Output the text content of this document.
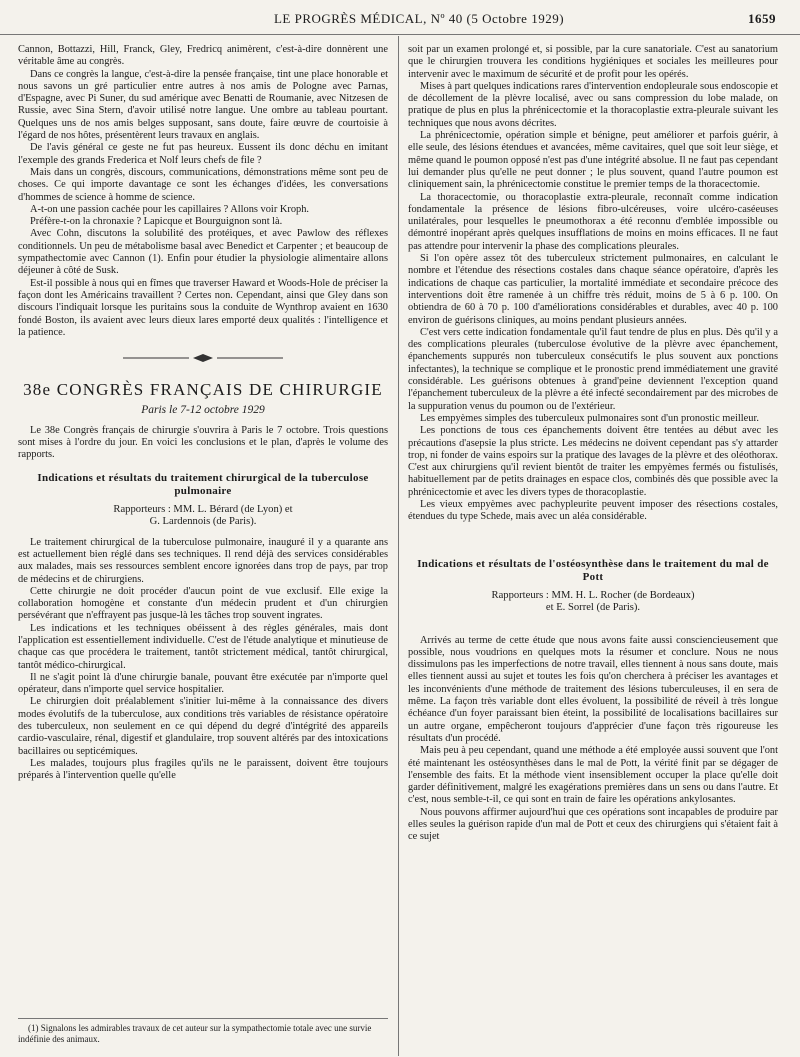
LE PROGRÈS MÉDICAL, Nº 40 (5 Octobre 1929)	1659

Cannon, Bottazzi, Hill, Franck, Gley, Fredricq animèrent, c'est-à-dire donnèrent une véritable âme au congrès.

Dans ce congrès la langue, c'est-à-dire la pensée française, tint une place honorable et nous savons un gré particulier entre autres à nos amis de Pologne avec Parnas, d'Espagne, avec Pi Suner, du sud amérique avec Benatti de Roumanie, avec Nitzesen de Russie, avec Sina Stern, d'avoir utilisé notre langue. Une ombre au tableau pourtant. Quelques uns de nos amis belges supposant, sans doute, faire œuvre de courtoisie à l'égard de nos hôtes, présentèrent leurs travaux en anglais.

De l'avis général ce geste ne fut pas heureux. Eussent ils donc déchu en imitant l'exemple des grands Frederica et Nolf leurs chefs de file ?

Mais dans un congrès, discours, communications, démonstrations même sont peu de choses. Ce qui importe davantage ce sont les échanges d'idées, les conversations d'hommes de science à homme de science.

A-t-on une passion cachée pour les capillaires ? Allons voir Kroph.

Préfère-t-on la chronaxie ? Lapicque et Bourguignon sont là.

Avec Cohn, discutons la solubilité des protéiques, et avec Pawlow des réflexes conditionnels. Un peu de métabolisme basal avec Benedict et Carpenter ; et beaucoup de sympathectomie avec Cannon (1). Enfin pour étudier la physiologie alimentaire allons déjeuner à côté de Susk.

Est-il possible à nous qui en fîmes que traverser Haward et Woods-Hole de préciser la façon dont les Américains travaillent ? Certes non. Cependant, ainsi que Gley dans son discours l'indiquait lorsque les puritains sous la conduite de Wynthrop avaient en 1630 fondé Boston, ils avaient avec leurs dieux lares emporté deux qualités : l'intelligence et la patience.

38e CONGRÈS FRANÇAIS DE CHIRURGIE
Paris le 7-12 octobre 1929

Le 38e Congrès français de chirurgie s'ouvrira à Paris le 7 octobre. Trois questions sont mises à l'ordre du jour. En voici les conclusions et le plan, d'après le volume des rapports.

Indications et résultats du traitement chirurgical de la tuberculose pulmonaire
Rapporteurs : MM. L. Bérard (de Lyon) et
G. Lardennois (de Paris).

Le traitement chirurgical de la tuberculose pulmonaire, inauguré il y a quarante ans est actuellement bien réglé dans ses techniques. Il rend déjà des services considérables aux malades, mais ses ressources semblent encore ignorées dans trop de pays, par trop de médecins et de chirurgiens.

Cette chirurgie ne doit procéder d'aucun point de vue exclusif. Elle exige la collaboration homogène et constante d'un médecin prudent et d'un chirurgien persévérant que n'effrayent pas jusque-là les tâches trop souvent ingrates.

Les indications et les techniques obéissent à des règles générales, mais dont l'application est essentiellement individuelle. C'est de l'étude analytique et minutieuse de chaque cas que procédera le traitement, tantôt strictement médical, tantôt chirurgical, tantôt médico-chirurgical.

Il ne s'agit point là d'une chirurgie banale, pouvant être exécutée par n'importe quel opérateur, dans n'importe quel service hospitalier.

Le chirurgien doit préalablement s'initier lui-même à la connaissance des divers modes évolutifs de la tuberculose, aux conditions très variables de résistance opératoire des tuberculeux, non seulement en ce qui dépend du degré d'intégrité des appareils cardio-vasculaire, rénal, digestif et glandulaire, trop souvent altérés par des intoxications bacillaires ou septicémiques.

Les malades, toujours plus fragiles qu'ils ne le paraissent, doivent être toujours préparés à l'intervention quelle qu'elle

(1) Signalons les admirables travaux de cet auteur sur la sympathectomie totale avec une survie indéfinie des animaux.

soit par un examen prolongé et, si possible, par la cure sanatoriale. C'est au sanatorium que le chirurgien trouvera les conditions hygiéniques et sociales les meilleures pour intervenir avec le maximum de sécurité et de profit pour les opérés.

Mises à part quelques indications rares d'intervention endopleurale sous endoscopie et de décollement de la plèvre localisé, avec ou sans compression du lobe malade, on pratique de plus en plus la phrénicectomie et la thoracoplastie extra-pleurale suivant les techniques que nous avons décrites.

La phrénicectomie, opération simple et bénigne, peut améliorer et parfois guérir, à elle seule, des lésions étendues et avancées, même cavitaires, quel que soit leur siège, et même quand le poumon opposé n'est pas d'une intégrité absolue. Il ne faut pas cependant lui demander plus qu'elle ne peut donner ; le plus souvent, quand l'autre poumon est cliniquement sain, la phrénicectomie constitue le premier temps de la thoracectomie.

La thoracectomie, ou thoracoplastie extra-pleurale, reconnaît comme indication fondamentale la présence de lésions fibro-ulcéreuses, voire ulcéro-caséeuses unilatérales, pour lesquelles le pneumothorax a été reconnu d'emblée impossible ou démontré inopérant après quelques insufflations de moins en moins efficaces. Il ne faut pas attendre pour intervenir la phase des complications pleurales.

Si l'on opère assez tôt des tuberculeux strictement pulmonaires, en calculant le nombre et l'étendue des résections costales dans chaque séance opératoire, d'après les indications de chaque cas particulier, la mortalité immédiate et secondaire précoce des interventions doit être ramenée à un chiffre très réduit, moins de 5 à 6 p. 100. On obtiendra de 60 à 70 p. 100 d'améliorations considérables et durables, avec 40 p. 100 environ de guérisons cliniques, au moins pendant plusieurs années.

C'est vers cette indication fondamentale qu'il faut tendre de plus en plus. Dès qu'il y a des complications pleurales (tuberculose évolutive de la plèvre avec épanchement, épanchements suppurés non tuberculeux consécutifs le plus souvent aux ponctions infectantes), la technique se complique et le pronostic prend immédiatement une gravité considérable. Les guérisons obtenues à grand'peine deviennent l'exception quand l'épanchement tuberculeux de la plèvre a été infecté secondairement par des microbes de la suppuration venus du poumon ou de l'extérieur.

Les empyèmes simples des tuberculeux pulmonaires sont d'un pronostic meilleur.

Les ponctions de tous ces épanchements doivent être tentées au début avec les précautions d'asepsie la plus stricte. Les médecins ne doivent cependant pas s'y attarder trop, ni fonder de vains espoirs sur la pratique des lavages de la plèvre et des oléothorax. C'est aux chirurgiens qu'il revient bientôt de traiter les empyèmes fermés ou fistulisés, habituellement par de petits drainages en espace clos, combinés dès que possible avec la phrénicectomie et avec les divers types de thoracoplastie.

Les vieux empyèmes avec pachypleurite peuvent imposer des résections costales, étendues du type Schede, mais avec un aléa considérable.

Indications et résultats de l'ostéosynthèse dans le traitement du mal de Pott
Rapporteurs : MM. H. L. Rocher (de Bordeaux)
et E. Sorrel (de Paris).

Arrivés au terme de cette étude que nous avons faite aussi consciencieusement que possible, nous voudrions en quelques mots la résumer et conclure. Nous ne nous dissimulons pas les imperfections de notre travail, elles tiennent à nous sans doute, mais elles tiennent aussi au sujet et toutes les fois qu'on cherchera à préciser les avantages et les inconvénients d'une méthode de traitement des lésions tuberculeuses, il en sera de même. La façon très variable dont elles évoluent, la possibilité de réveil à très longue échéance d'un foyer paraissant bien éteint, la possibilité de localisations bacillaires sur un autre organe, empêcheront toujours d'apprécier d'une façon très rigoureuse les résultats d'un procédé.

Mais peu à peu cependant, quand une méthode a été employée aussi souvent que l'ont été maintenant les ostéosynthèses dans le mal de Pott, la vérité finit par se dégager de l'ensemble des faits. Et la méthode vient insensiblement occuper la place qu'elle doit garder définitivement, malgré les exagérations premières dans un sens ou dans l'autre. Et c'est, nous semble-t-il, ce qui sont en train de faire les opérations ankylosantes.

Nous pouvons affirmer aujourd'hui que ces opérations sont incapables de produire par elles seules la guérison rapide d'un mal de Pott et ceux des chirurgiens qui s'étaient fait à ce sujet
